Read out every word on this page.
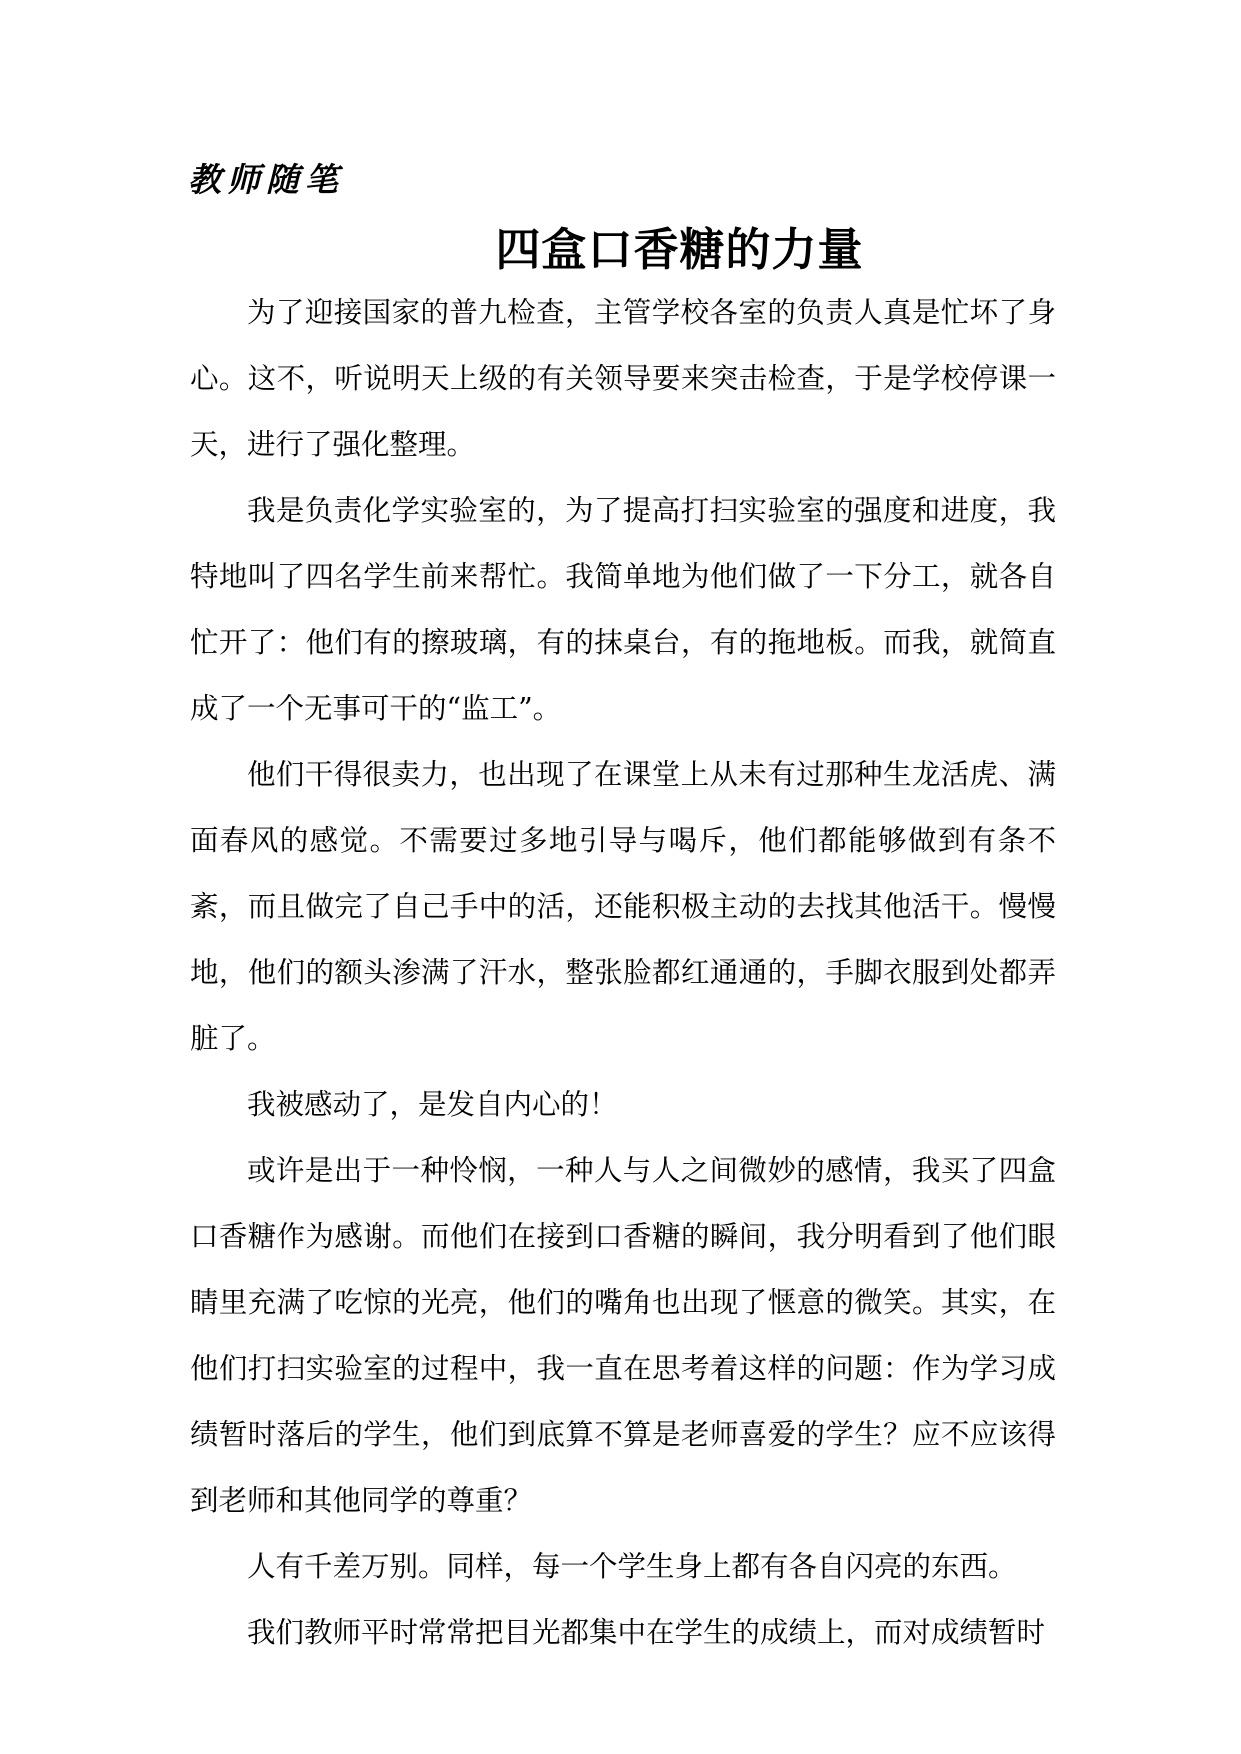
教师随笔
四盒口香糖的力量

为了迎接国家的普九检查，主管学校各室的负责人真是忙坏了身心。这不，听说明天上级的有关领导要来突击检查，于是学校停课一天，进行了强化整理。

我是负责化学实验室的，为了提高打扫实验室的强度和进度，我特地叫了四名学生前来帮忙。我简单地为他们做了一下分工，就各自忙开了：他们有的擦玻璃，有的抹桌台，有的拖地板。而我，就简直成了一个无事可干的“监工”。

他们干得很卖力，也出现了在课堂上从未有过那种生龙活虎、满面春风的感觉。不需要过多地引导与喝斥，他们都能够做到有条不紊，而且做完了自己手中的活，还能积极主动的去找其他活干。慢慢地，他们的额头渗满了汗水，整张脸都红通通的，手脚衣服到处都弄脏了。

我被感动了，是发自内心的！

或许是出于一种怜悯，一种人与人之间微妙的感情，我买了四盒口香糖作为感谢。而他们在接到口香糖的瞬间，我分明看到了他们眼睛里充满了吃惊的光亮，他们的嘴角也出现了惬意的微笑。其实，在他们打扫实验室的过程中，我一直在思考着这样的问题：作为学习成绩暂时落后的学生，他们到底算不算是老师喜爱的学生？应不应该得到老师和其他同学的尊重？

人有千差万别。同样，每一个学生身上都有各自闪亮的东西。

我们教师平时常常把目光都集中在学生的成绩上，而对成绩暂时
